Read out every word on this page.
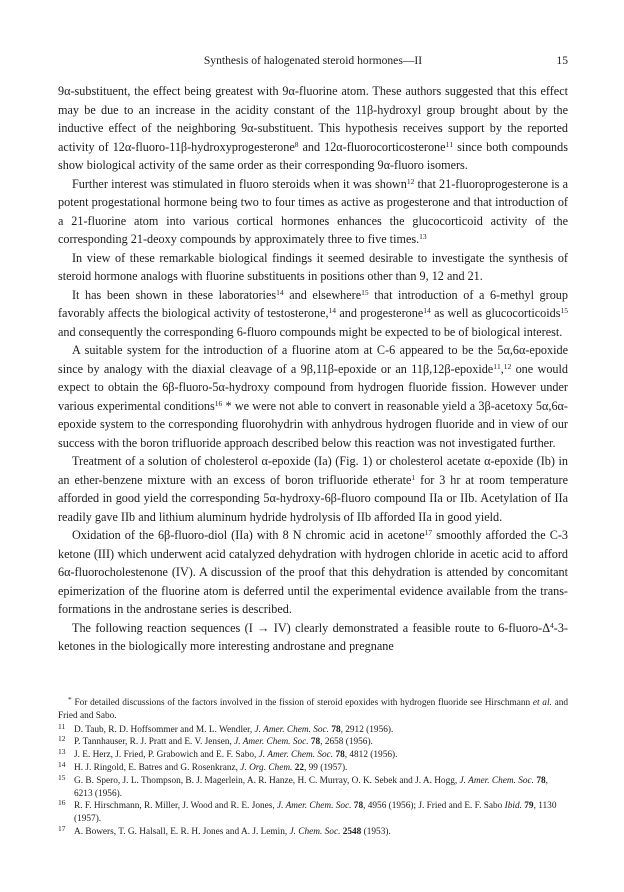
Synthesis of halogenated steroid hormones—II	15

9α-substituent, the effect being greatest with 9α-fluorine atom. These authors suggested that this effect may be due to an increase in the acidity constant of the 11β-hydroxyl group brought about by the inductive effect of the neighboring 9α-substituent. This hypothesis receives support by the reported activity of 12α-fluoro-11β-hydroxyprogesterone$^8$ and 12α-fluorocorticosterone$^{11}$ since both compounds show biological activity of the same order as their corresponding 9α-fluoro isomers.

Further interest was stimulated in fluoro steroids when it was shown$^{12}$ that 21-fluoroprogesterone is a potent progestational hormone being two to four times as active as progesterone and that introduction of a 21-fluorine atom into various cortical hormones enhances the glucocorticoid activity of the corresponding 21-deoxy compounds by approximately three to five times.$^{13}$

In view of these remarkable biological findings it seemed desirable to investigate the synthesis of steroid hormone analogs with fluorine substituents in positions other than 9, 12 and 21.

It has been shown in these laboratories$^{14}$ and elsewhere$^{15}$ that introduction of a 6-methyl group favorably affects the biological activity of testosterone,$^{14}$ and progesterone$^{14}$ as well as glucocorticoids$^{15}$ and consequently the corresponding 6-fluoro compounds might be expected to be of biological interest.

A suitable system for the introduction of a fluorine atom at C-6 appeared to be the 5α,6α-epoxide since by analogy with the diaxial cleavage of a 9β,11β-epoxide or an 11β,12β-epoxide$^{11}$,$^{12}$ one would expect to obtain the 6β-fluoro-5α-hydroxy compound from hydrogen fluoride fission. However under various experimental conditions$^{16}$ * we were not able to convert in reasonable yield a 3β-acetoxy 5α,6α-epoxide system to the corresponding fluorohydrin with anhydrous hydrogen fluoride and in view of our success with the boron trifluoride approach described below this reaction was not investigated further.

Treatment of a solution of cholesterol α-epoxide (Ia) (Fig. 1) or cholesterol acetate α-epoxide (Ib) in an ether-benzene mixture with an excess of boron trifluoride etherate$^1$ for 3 hr at room temperature afforded in good yield the corresponding 5α-hydroxy-6β-fluoro compound IIa or IIb. Acetylation of IIa readily gave IIb and lithium aluminum hydride hydrolysis of IIb afforded IIa in good yield.

Oxidation of the 6β-fluoro-diol (IIa) with 8 N chromic acid in acetone$^{17}$ smoothly afforded the C-3 ketone (III) which underwent acid catalyzed dehydration with hydrogen chloride in acetic acid to afford 6α-fluorocholestenone (IV). A discussion of the proof that this dehydration is attended by concomitant epimerization of the fluorine atom is deferred until the experimental evidence available from the trans-formations in the androstane series is described.

The following reaction sequences (I → IV) clearly demonstrated a feasible route to $6-fluoro-\Delta^4-3$-ketones in the biologically more interesting androstane and pregnane

* For detailed discussions of the factors involved in the fission of steroid epoxides with hydrogen fluoride see Hirschmann et al. and Fried and Sabo.
11 D. Taub, R. D. Hoffsommer and M. L. Wendler, J. Amer. Chem. Soc. 78, 2912 (1956).
12 P. Tannhauser, R. J. Pratt and E. V. Jensen, J. Amer. Chem. Soc. 78, 2658 (1956).
13 J. E. Herz, J. Fried, P. Grabowich and E. F. Sabo, J. Amer. Chem. Soc. 78, 4812 (1956).
14 H. J. Ringold, E. Batres and G. Rosenkranz, J. Org. Chem. 22, 99 (1957).
15 G. B. Spero, J. L. Thompson, B. J. Magerlein, A. R. Hanze, H. C. Murray, O. K. Sebek and J. A. Hogg, J. Amer. Chem. Soc. 78, 6213 (1956).
16 R. F. Hirschmann, R. Miller, J. Wood and R. E. Jones, J. Amer. Chem. Soc. 78, 4956 (1956); J. Fried and E. F. Sabo Ibid. 79, 1130 (1957).
17 A. Bowers, T. G. Halsall, E. R. H. Jones and A. J. Lemin, J. Chem. Soc. 2548 (1953).
